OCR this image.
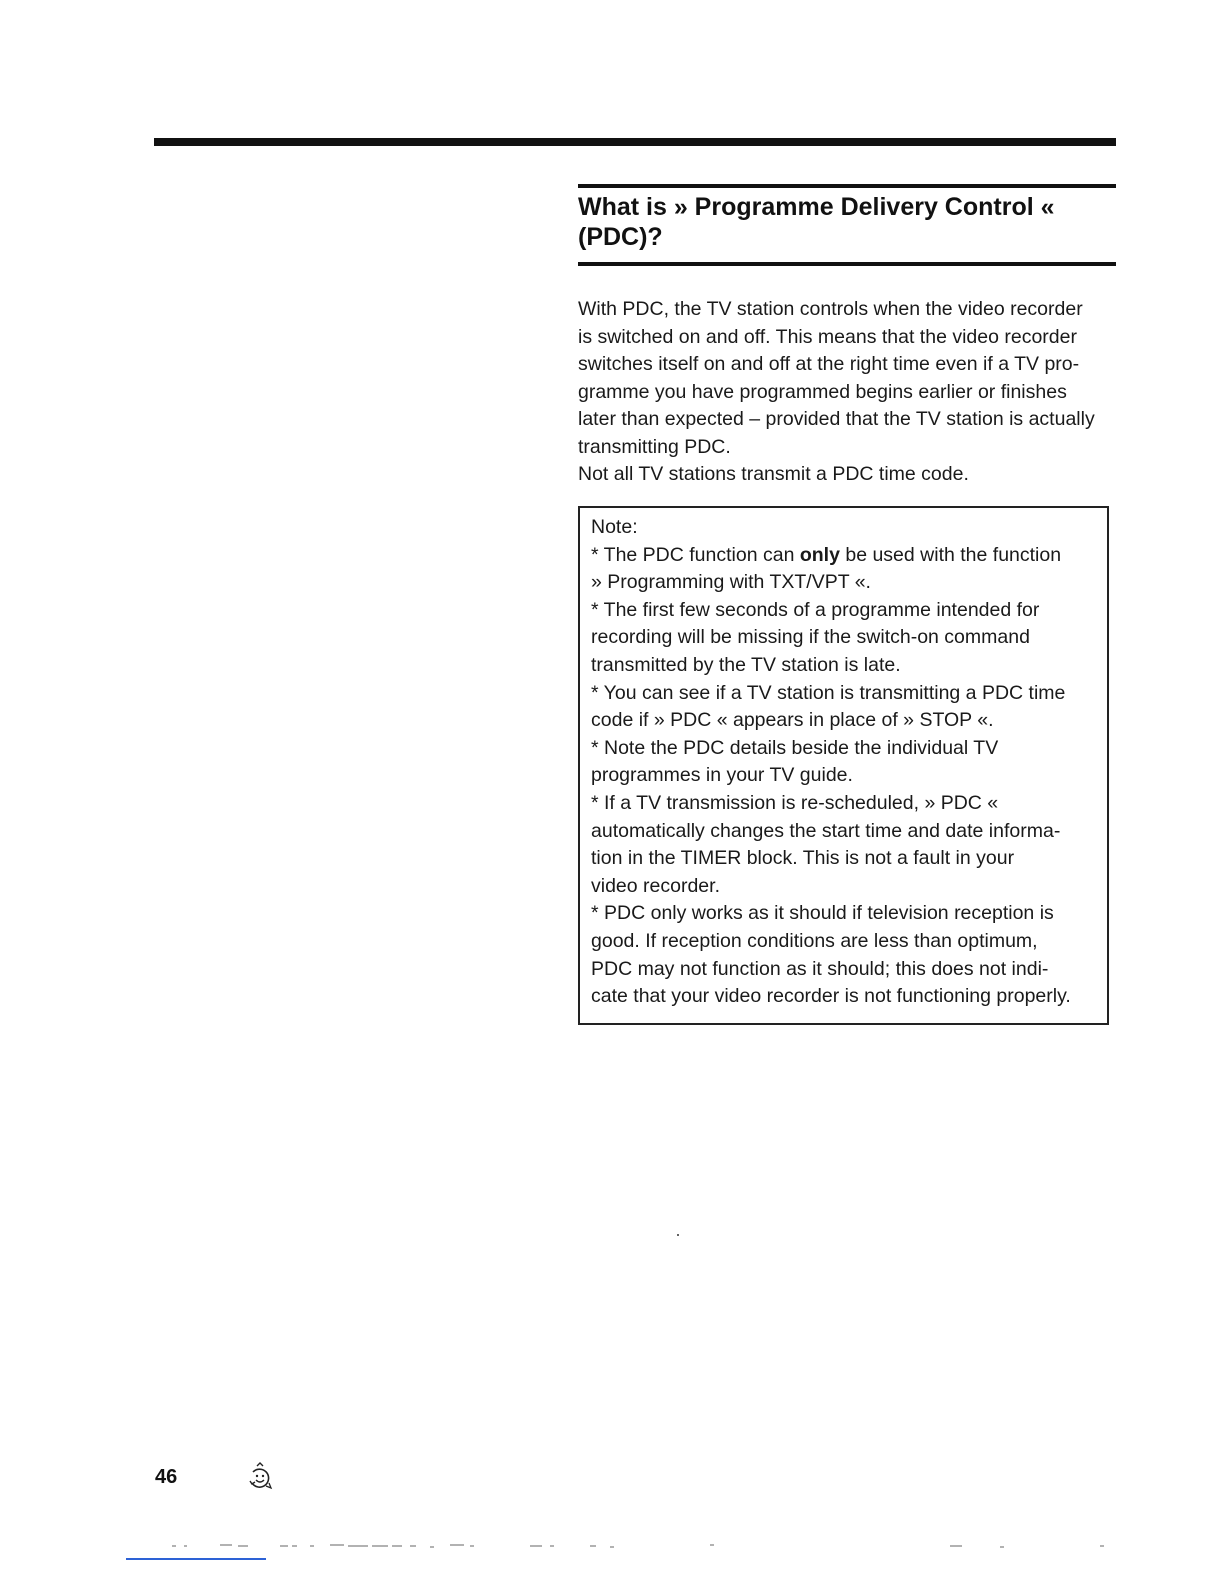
What is » Programme Delivery Control «
(PDC)?

With PDC, the TV station controls when the video recorder
is switched on and off. This means that the video recorder
switches itself on and off at the right time even if a TV pro-
gramme you have programmed begins earlier or finishes
later than expected – provided that the TV station is actually
transmitting PDC.
Not all TV stations transmit a PDC time code.

Note:
* The PDC function can only be used with the function
» Programming with TXT/VPT «.
* The first few seconds of a programme intended for
recording will be missing if the switch-on command
transmitted by the TV station is late.
* You can see if a TV station is transmitting a PDC time
code if » PDC « appears in place of » STOP «.
* Note the PDC details beside the individual TV
programmes in your TV guide.
* If a TV transmission is re-scheduled, » PDC «
automatically changes the start time and date informa-
tion in the TIMER block. This is not a fault in your
video recorder.
* PDC only works as it should if television reception is
good. If reception conditions are less than optimum,
PDC may not function as it should; this does not indi-
cate that your video recorder is not functioning properly.
46
